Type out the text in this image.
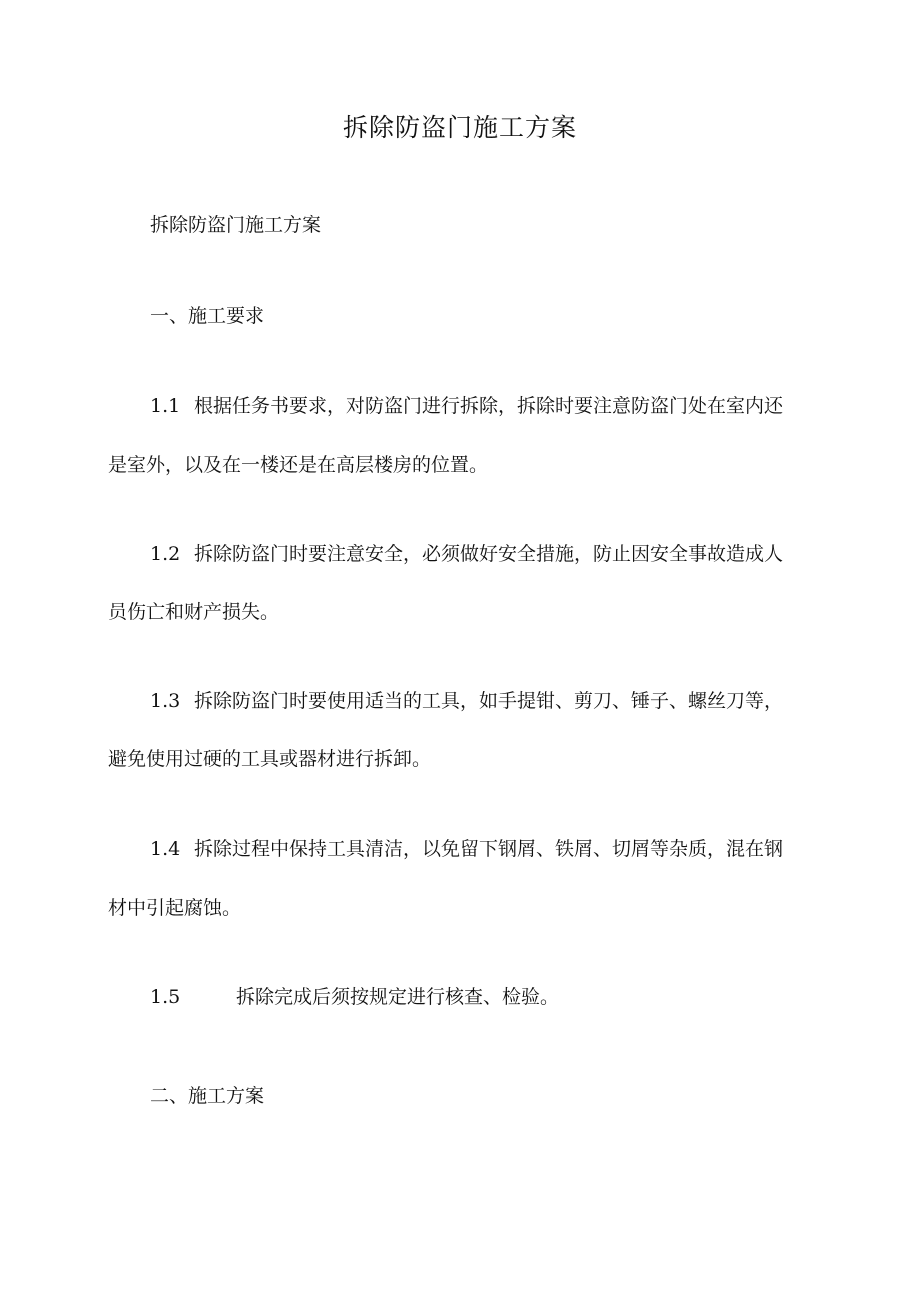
拆除防盗门施工方案
拆除防盗门施工方案
一、施工要求
1.1 根据任务书要求，对防盗门进行拆除，拆除时要注意防盗门处在室内还
是室外，以及在一楼还是在高层楼房的位置。
1.2 拆除防盗门时要注意安全，必须做好安全措施，防止因安全事故造成人
员伤亡和财产损失。
1.3 拆除防盗门时要使用适当的工具，如手提钳、剪刀、锤子、螺丝刀等，
避免使用过硬的工具或器材进行拆卸。
1.4 拆除过程中保持工具清洁，以免留下钢屑、铁屑、切屑等杂质，混在钢
材中引起腐蚀。
1.5	拆除完成后须按规定进行核查、检验。
二、施工方案
